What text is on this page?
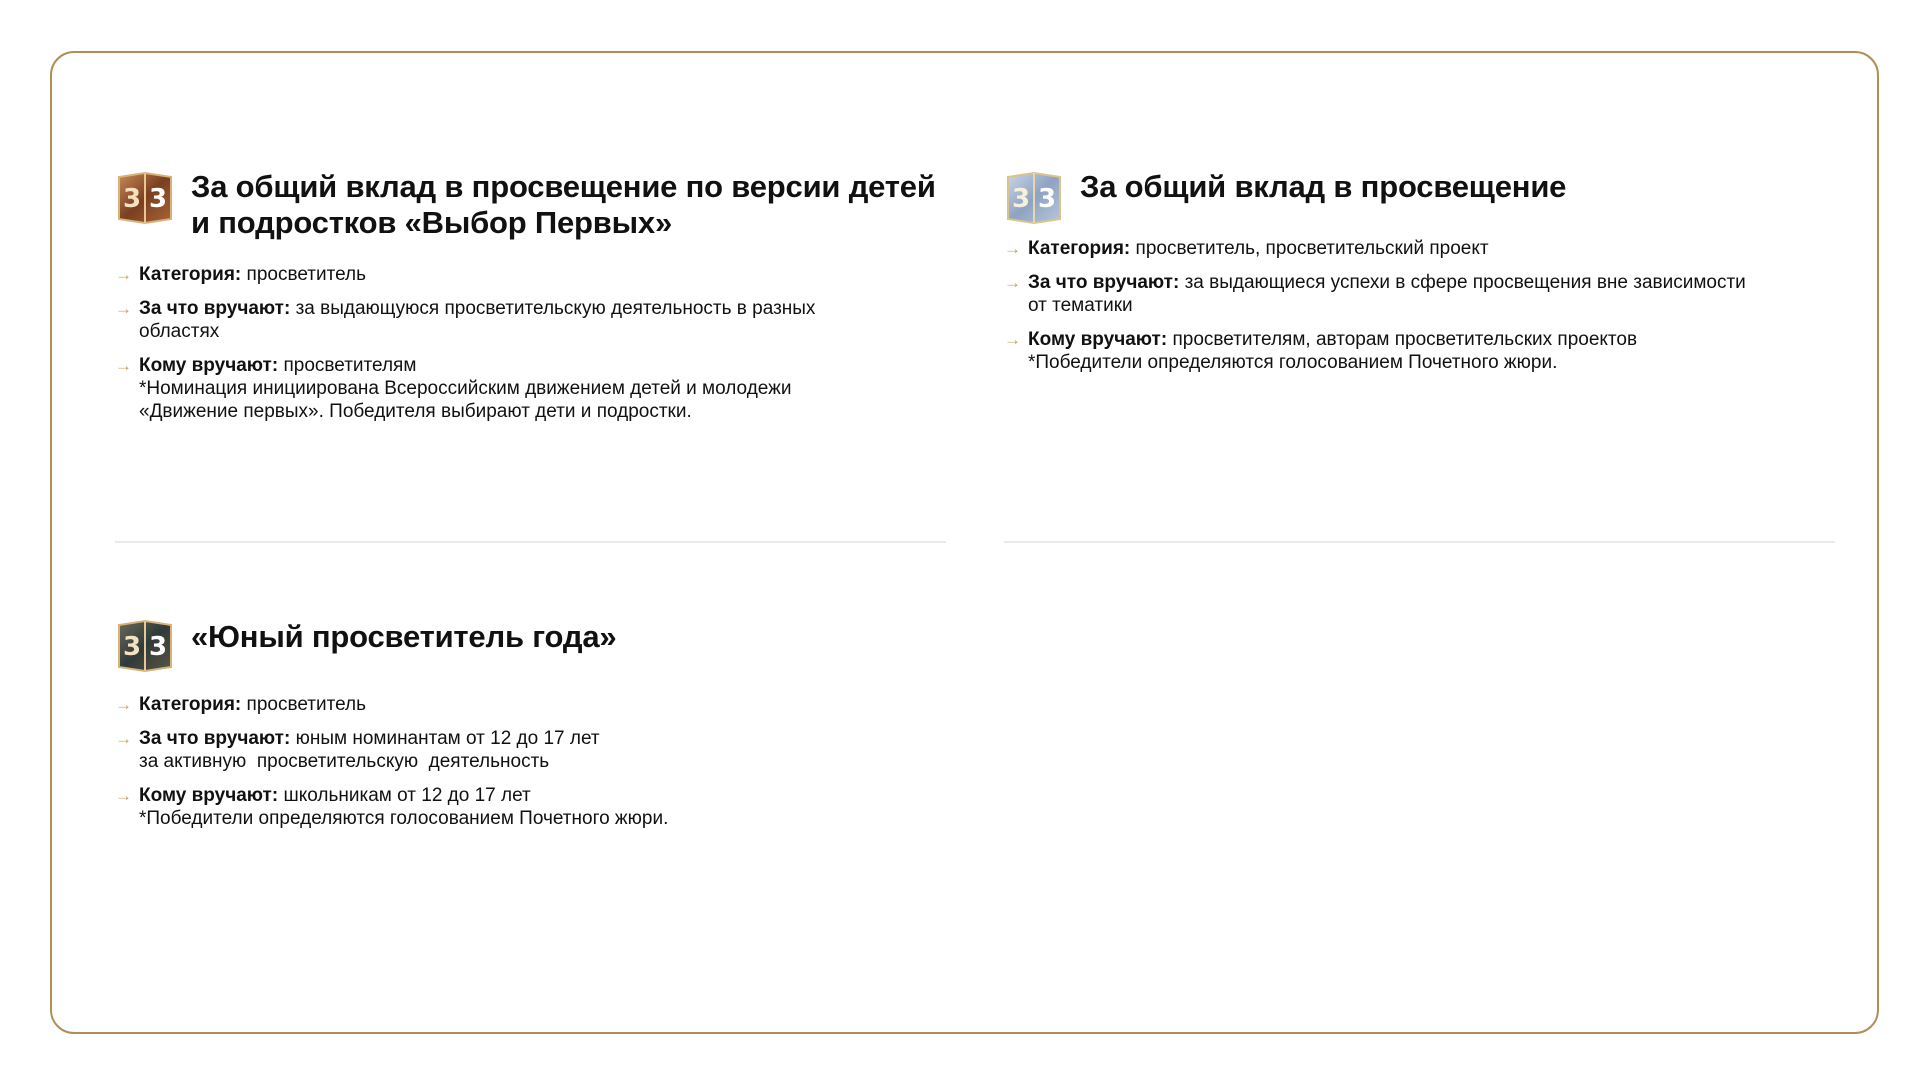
3 3 За общий вклад в просвещение по версии детей
и подростков «Выбор Первых»
→ Категория: просветитель
→ За что вручают: за выдающуюся просветительскую деятельность в разных
областях
→ Кому вручают: просветителям
*Номинация инициирована Всероссийским движением детей и молодежи
«Движение первых». Победителя выбирают дети и подростки.
3 3 За общий вклад в просвещение
→ Категория: просветитель, просветительский проект
→ За что вручают: за выдающиеся успехи в сфере просвещения вне зависимости
от тематики
→ Кому вручают: просветителям, авторам просветительских проектов
*Победители определяются голосованием Почетного жюри.
3 3 «Юный просветитель года»
→ Категория: просветитель
→ За что вручают: юным номинантам от 12 до 17 лет
за активную  просветительскую  деятельность
→ Кому вручают: школьникам от 12 до 17 лет
*Победители определяются голосованием Почетного жюри.
